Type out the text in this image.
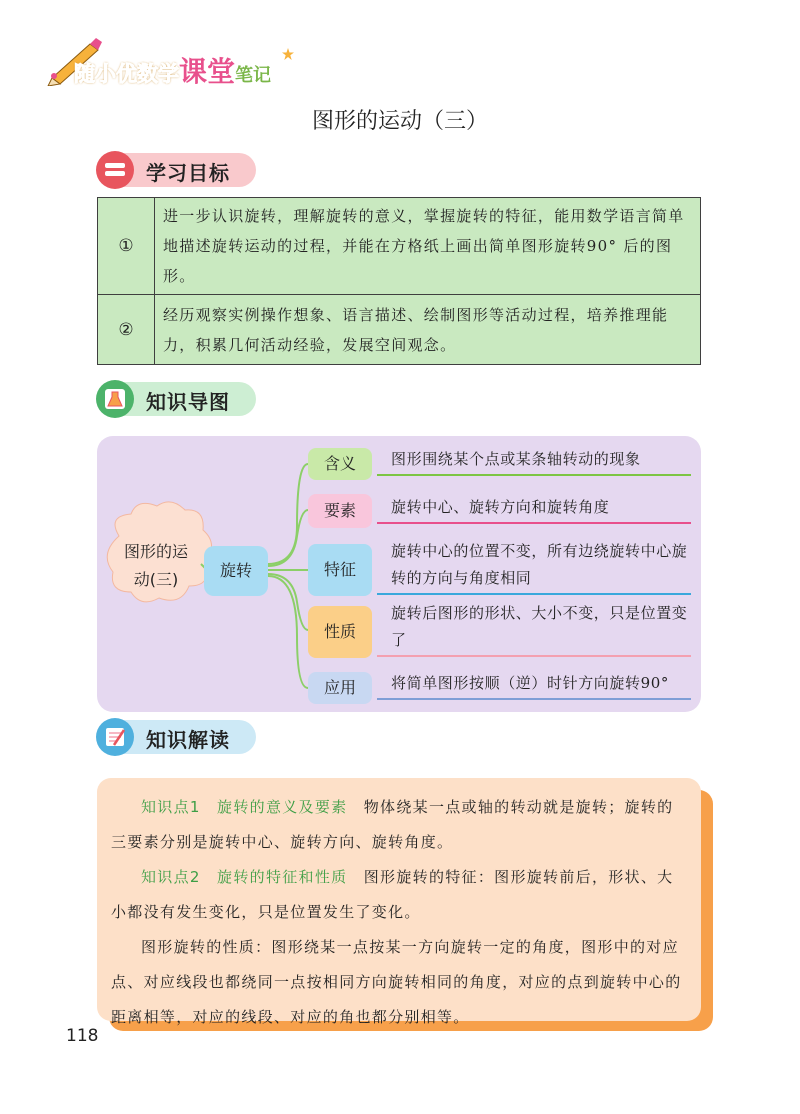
随小优数学课堂笔记
图形的运动（三）
学习目标
①	进一步认识旋转，理解旋转的意义，掌握旋转的特征，能用数学语言简单地描述旋转运动的过程，并能在方格纸上画出简单图形旋转90° 后的图形。
②	经历观察实例操作想象、语言描述、绘制图形等活动过程，培养推理能力，积累几何活动经验，发展空间观念。
知识导图
图形的运
动(三)	旋转
含义	图形围绕某个点或某条轴转动的现象
要素	旋转中心、旋转方向和旋转角度
特征
旋转中心的位置不变，所有边绕旋转中心旋转的方向与角度相同
性质
旋转后图形的形状、大小不变，只是位置变了
应用	将简单图形按顺（逆）时针方向旋转90°
知识解读

知识点1　旋转的意义及要素　物体绕某一点或轴的转动就是旋转；旋转的三要素分别是旋转中心、旋转方向、旋转角度。

知识点2　旋转的特征和性质　图形旋转的特征：图形旋转前后，形状、大小都没有发生变化，只是位置发生了变化。

图形旋转的性质：图形绕某一点按某一方向旋转一定的角度，图形中的对应点、对应线段也都绕同一点按相同方向旋转相同的角度，对应的点到旋转中心的距离相等，对应的线段、对应的角也都分别相等。

118
